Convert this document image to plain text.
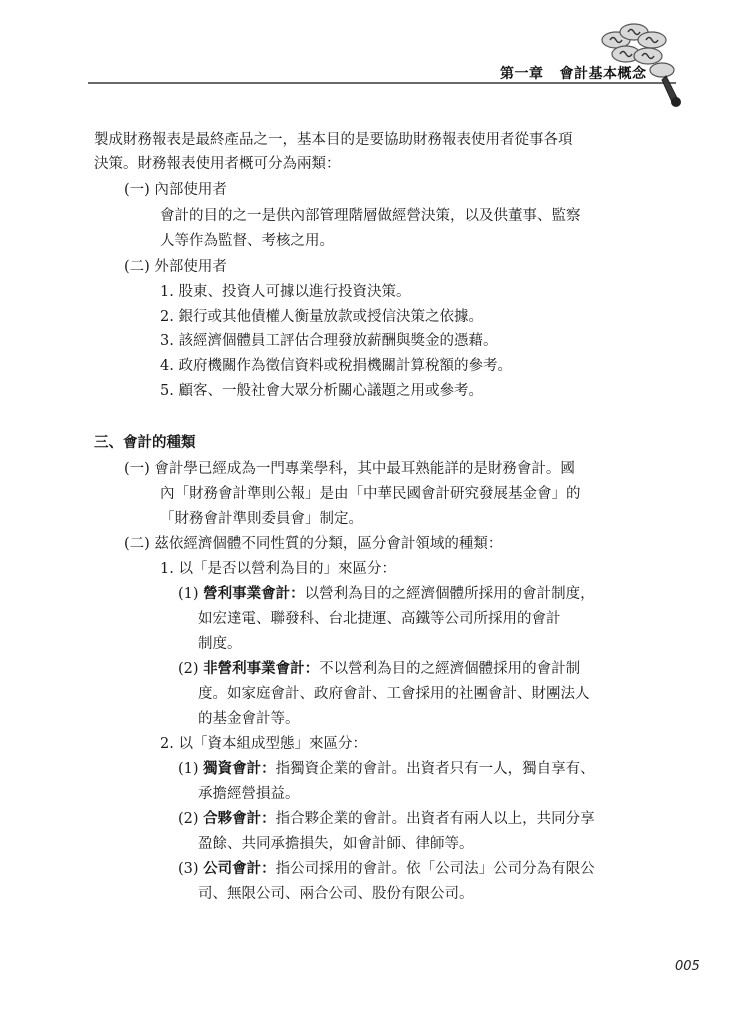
第一章 會計基本概念
製成財務報表是最終產品之一，基本目的是要協助財務報表使用者從事各項
決策。財務報表使用者概可分為兩類：
(一) 內部使用者
會計的目的之一是供內部管理階層做經營決策，以及供董事、監察
人等作為監督、考核之用。
(二) 外部使用者
1. 股東、投資人可據以進行投資決策。
2. 銀行或其他債權人衡量放款或授信決策之依據。
3. 該經濟個體員工評估合理發放薪酬與獎金的憑藉。
4. 政府機關作為徵信資料或稅捐機關計算稅額的參考。
5. 顧客、一般社會大眾分析關心議題之用或參考。
三、會計的種類
(一) 會計學已經成為一門專業學科，其中最耳熟能詳的是財務會計。國
內「財務會計準則公報」是由「中華民國會計研究發展基金會」的
「財務會計準則委員會」制定。
(二) 茲依經濟個體不同性質的分類，區分會計領域的種類：
1. 以「是否以營利為目的」來區分：
(1) 營利事業會計：以營利為目的之經濟個體所採用的會計制度，
如宏達電、聯發科、台北捷運、高鐵等公司所採用的會計
制度。
(2) 非營利事業會計：不以營利為目的之經濟個體採用的會計制
度。如家庭會計、政府會計、工會採用的社團會計、財團法人
的基金會計等。
2. 以「資本組成型態」來區分：
(1) 獨資會計：指獨資企業的會計。出資者只有一人，獨自享有、
承擔經營損益。
(2) 合夥會計：指合夥企業的會計。出資者有兩人以上，共同分享
盈餘、共同承擔損失，如會計師、律師等。
(3) 公司會計：指公司採用的會計。依「公司法」公司分為有限公
司、無限公司、兩合公司、股份有限公司。
005
